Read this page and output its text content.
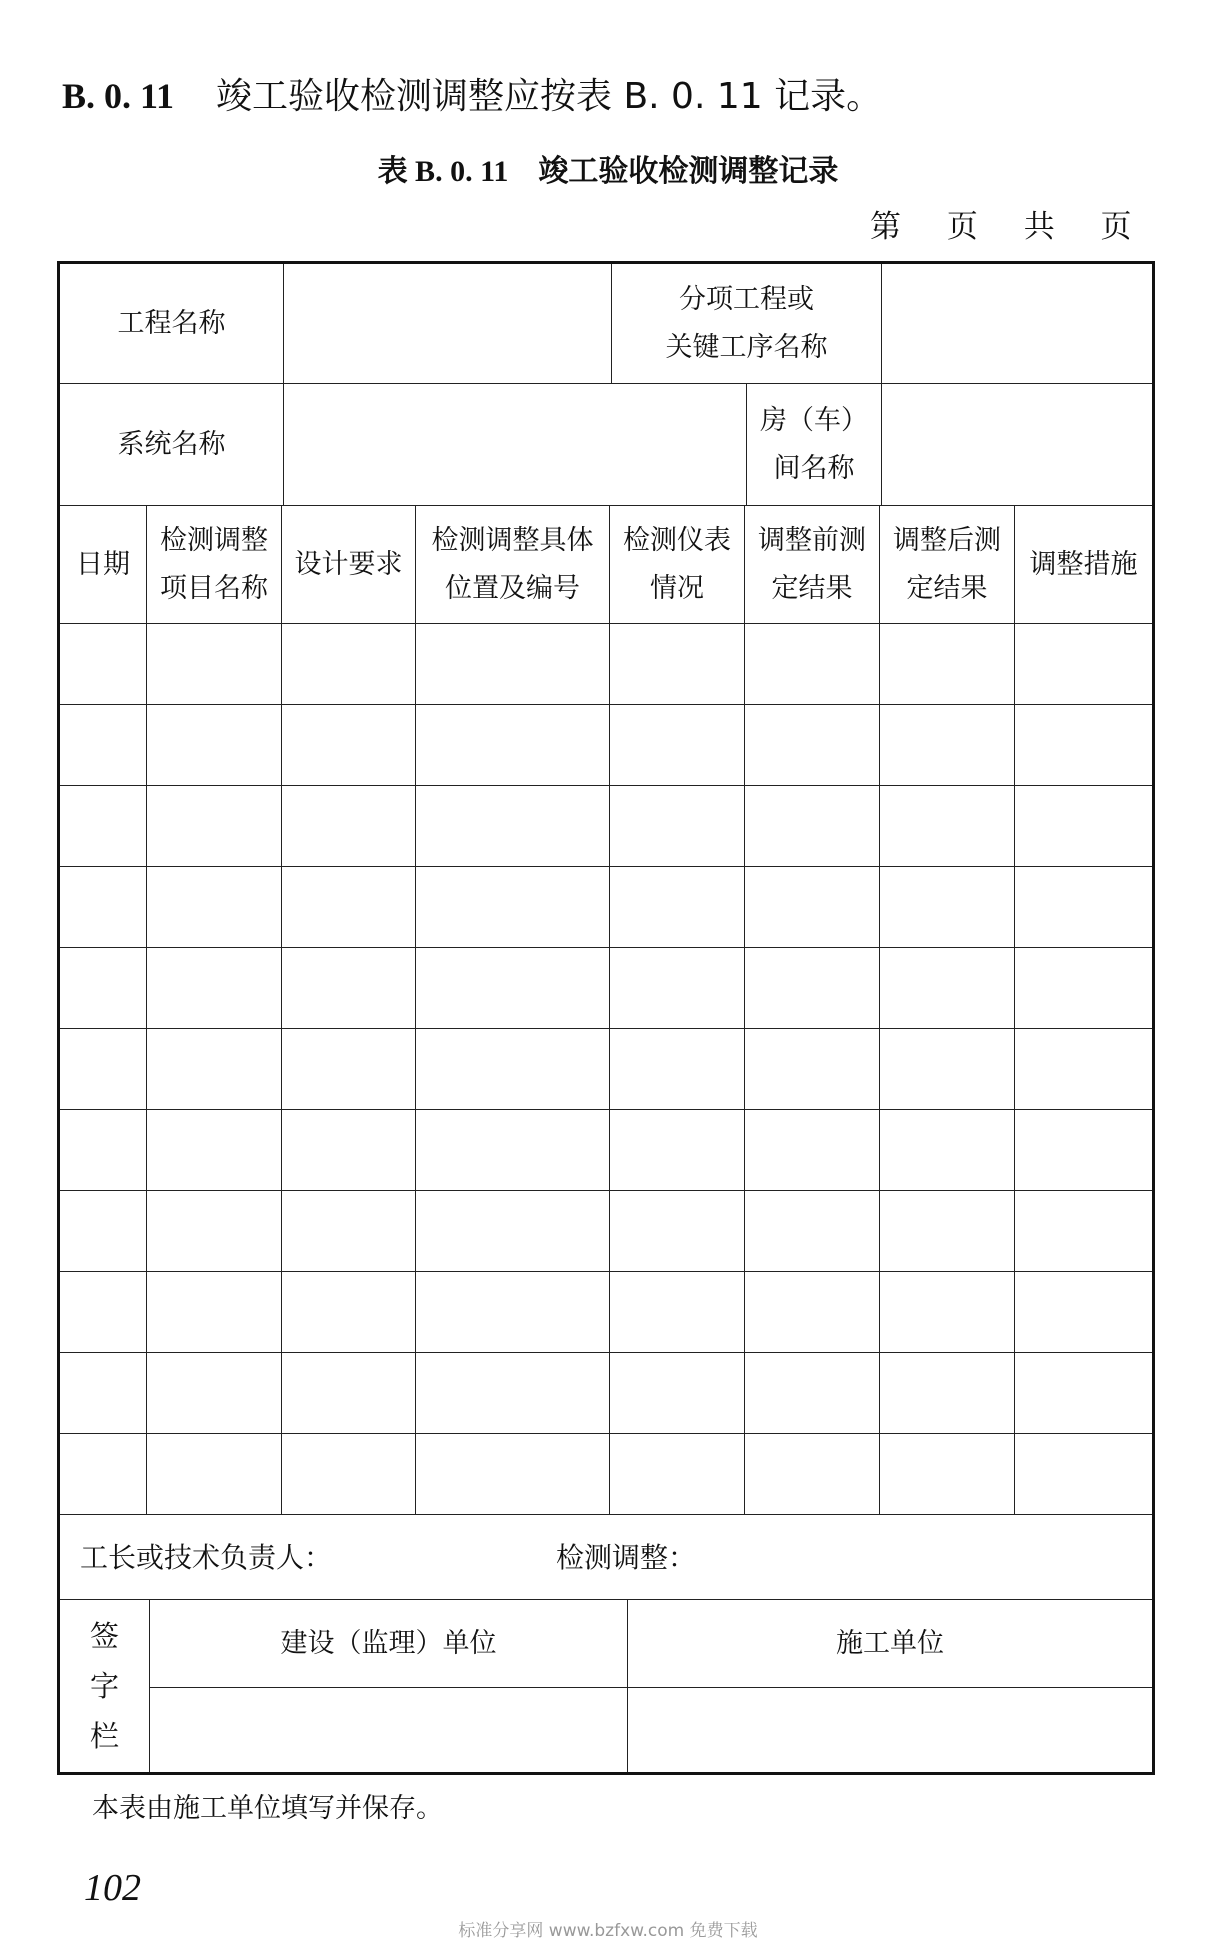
B. 0. 11 竣工验收检测调整应按表 B. 0. 11 记录。
表 B. 0. 11 竣工验收检测调整记录
第 页 共 页
工程名称
分项工程或
关键工序名称
系统名称
房（车）
间名称
日期
检测调整
项目名称
设计要求
检测调整具体
位置及编号
检测仪表
情况
调整前测
定结果
调整后测
定结果
调整措施
工长或技术负责人：	检测调整：
签字栏
建设（监理）单位	施工单位
本表由施工单位填写并保存。
102
标准分享网 www.bzfxw.com 免费下载
